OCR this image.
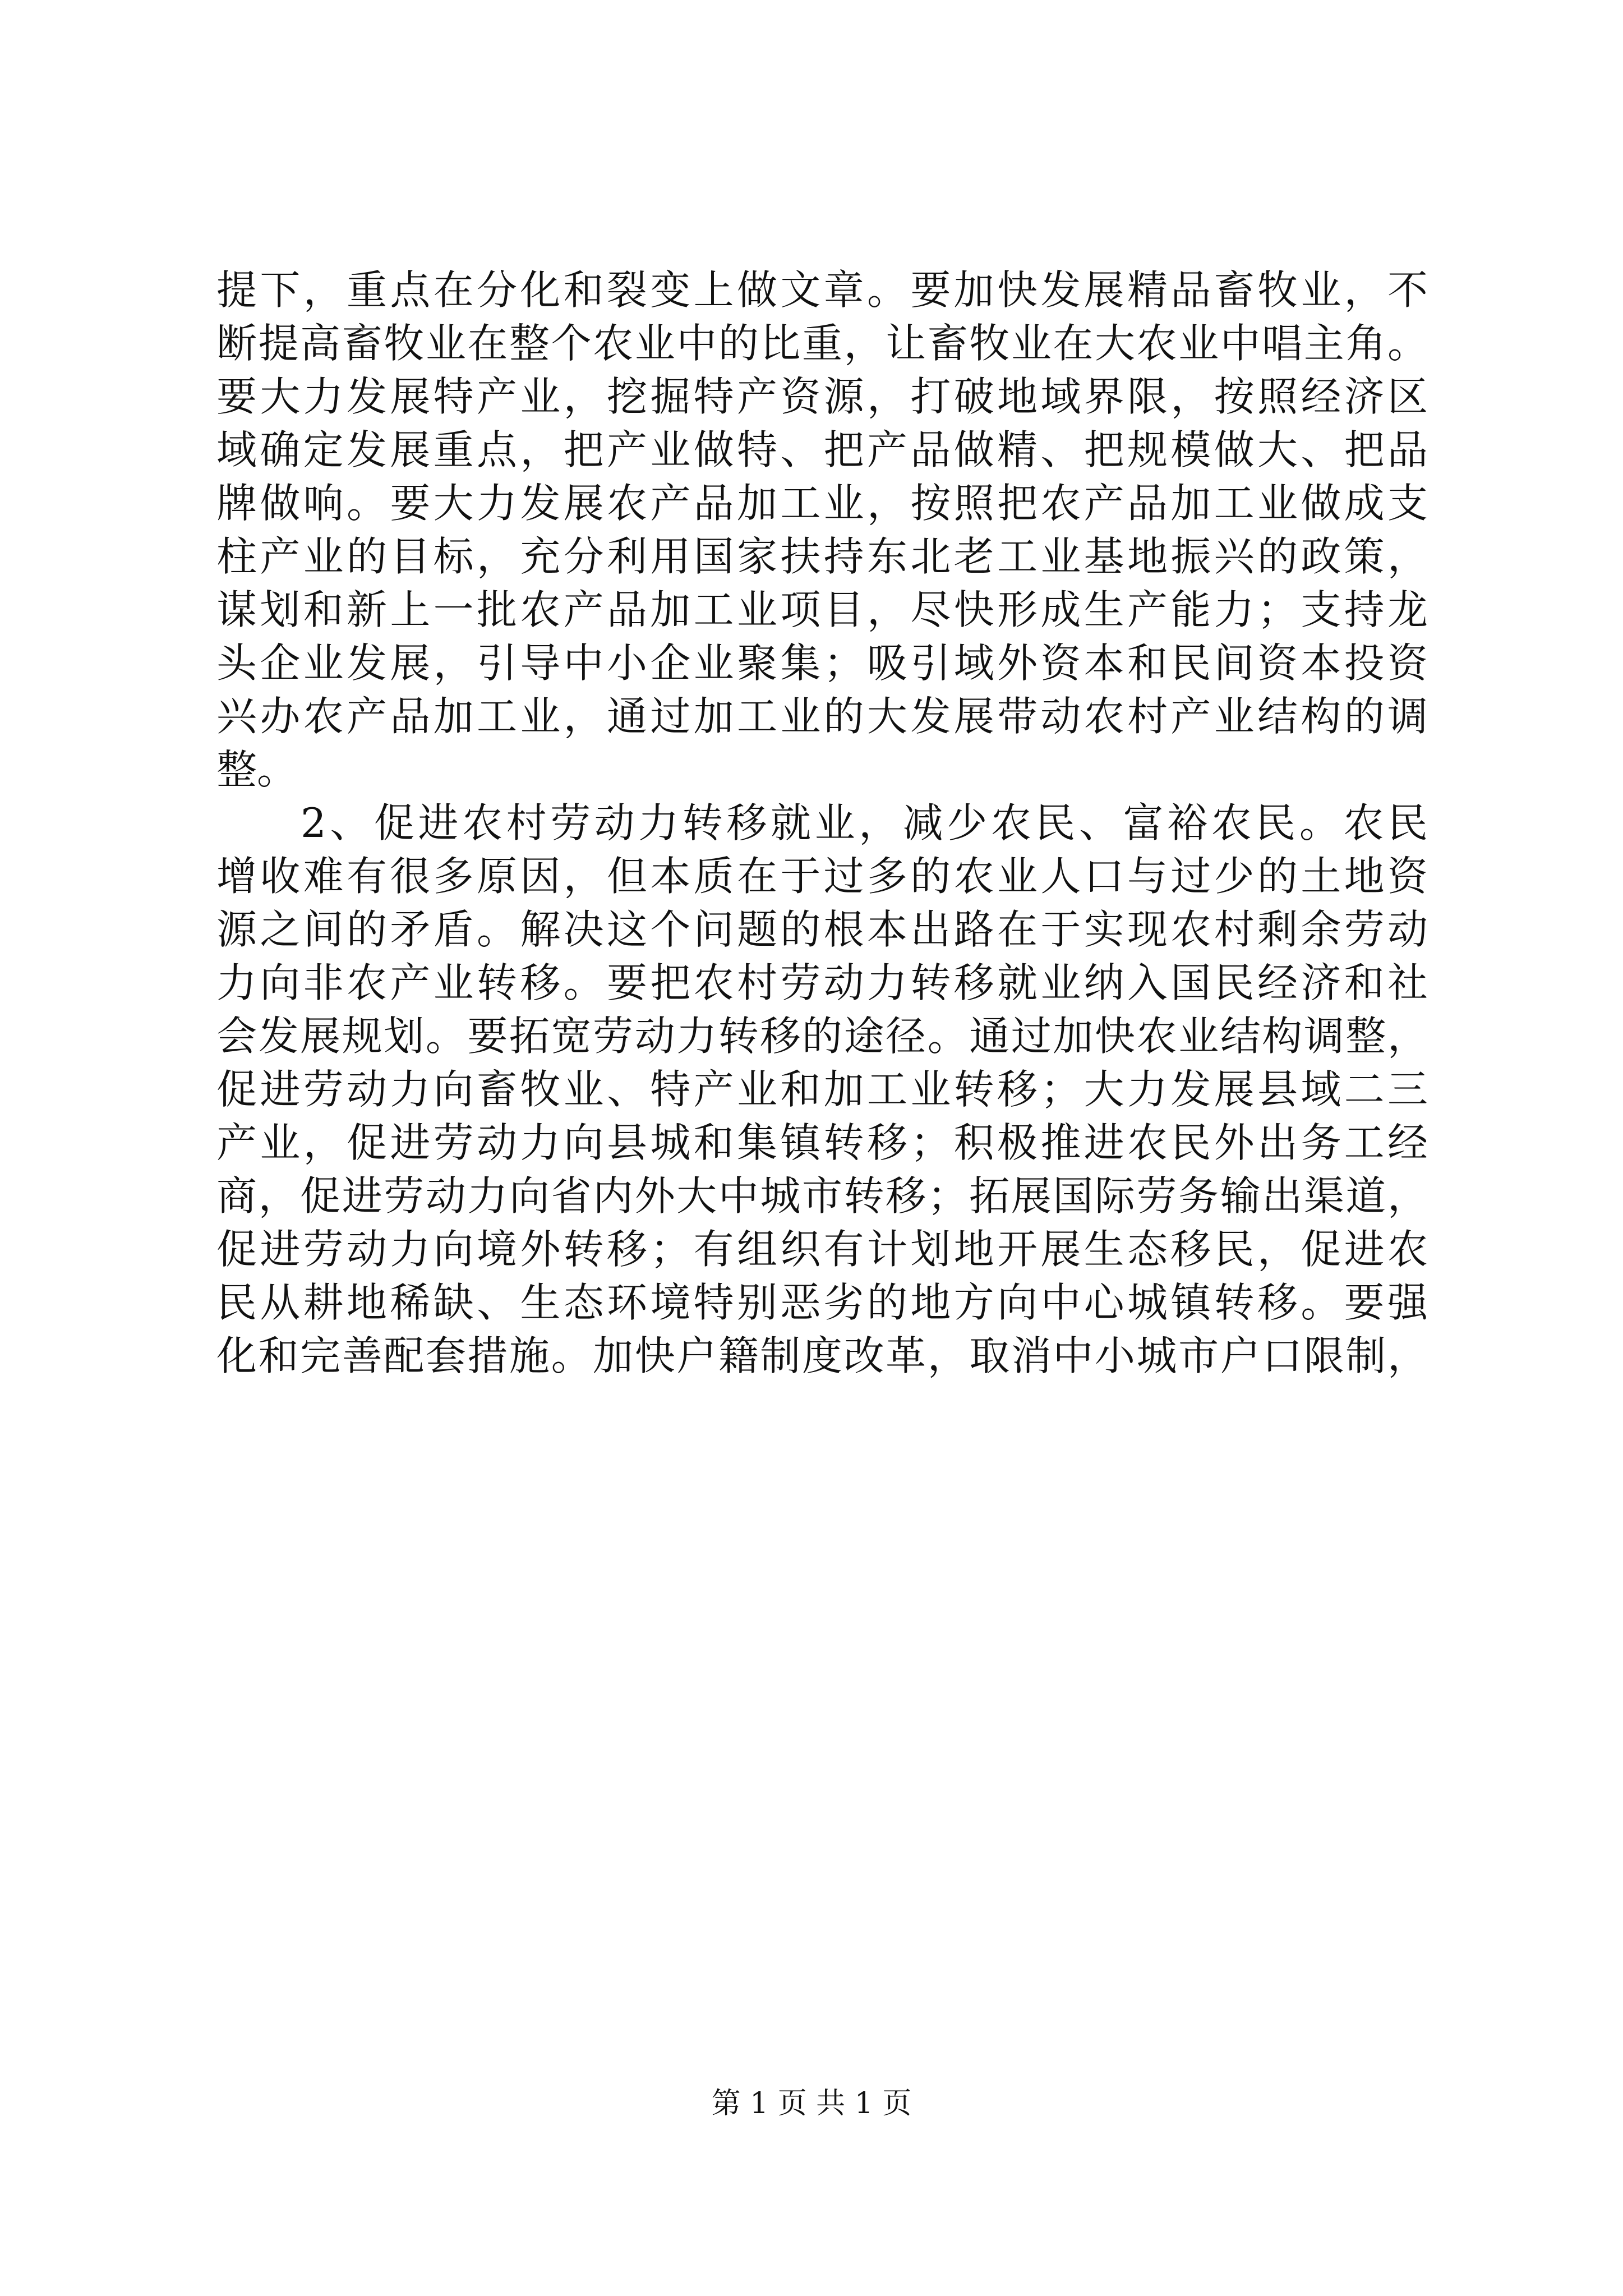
提下，重点在分化和裂变上做文章。要加快发展精品畜牧业，不
断提高畜牧业在整个农业中的比重，让畜牧业在大农业中唱主角。
要大力发展特产业，挖掘特产资源，打破地域界限，按照经济区
域确定发展重点，把产业做特、把产品做精、把规模做大、把品
牌做响。要大力发展农产品加工业，按照把农产品加工业做成支
柱产业的目标，充分利用国家扶持东北老工业基地振兴的政策，
谋划和新上一批农产品加工业项目，尽快形成生产能力；支持龙
头企业发展，引导中小企业聚集；吸引域外资本和民间资本投资
兴办农产品加工业，通过加工业的大发展带动农村产业结构的调
整。
2、促进农村劳动力转移就业，减少农民、富裕农民。农民
增收难有很多原因，但本质在于过多的农业人口与过少的土地资
源之间的矛盾。解决这个问题的根本出路在于实现农村剩余劳动
力向非农产业转移。要把农村劳动力转移就业纳入国民经济和社
会发展规划。要拓宽劳动力转移的途径。通过加快农业结构调整，
促进劳动力向畜牧业、特产业和加工业转移；大力发展县域二三
产业，促进劳动力向县城和集镇转移；积极推进农民外出务工经
商，促进劳动力向省内外大中城市转移；拓展国际劳务输出渠道，
促进劳动力向境外转移；有组织有计划地开展生态移民，促进农
民从耕地稀缺、生态环境特别恶劣的地方向中心城镇转移。要强
化和完善配套措施。加快户籍制度改革，取消中小城市户口限制，
第 1 页 共 1 页
